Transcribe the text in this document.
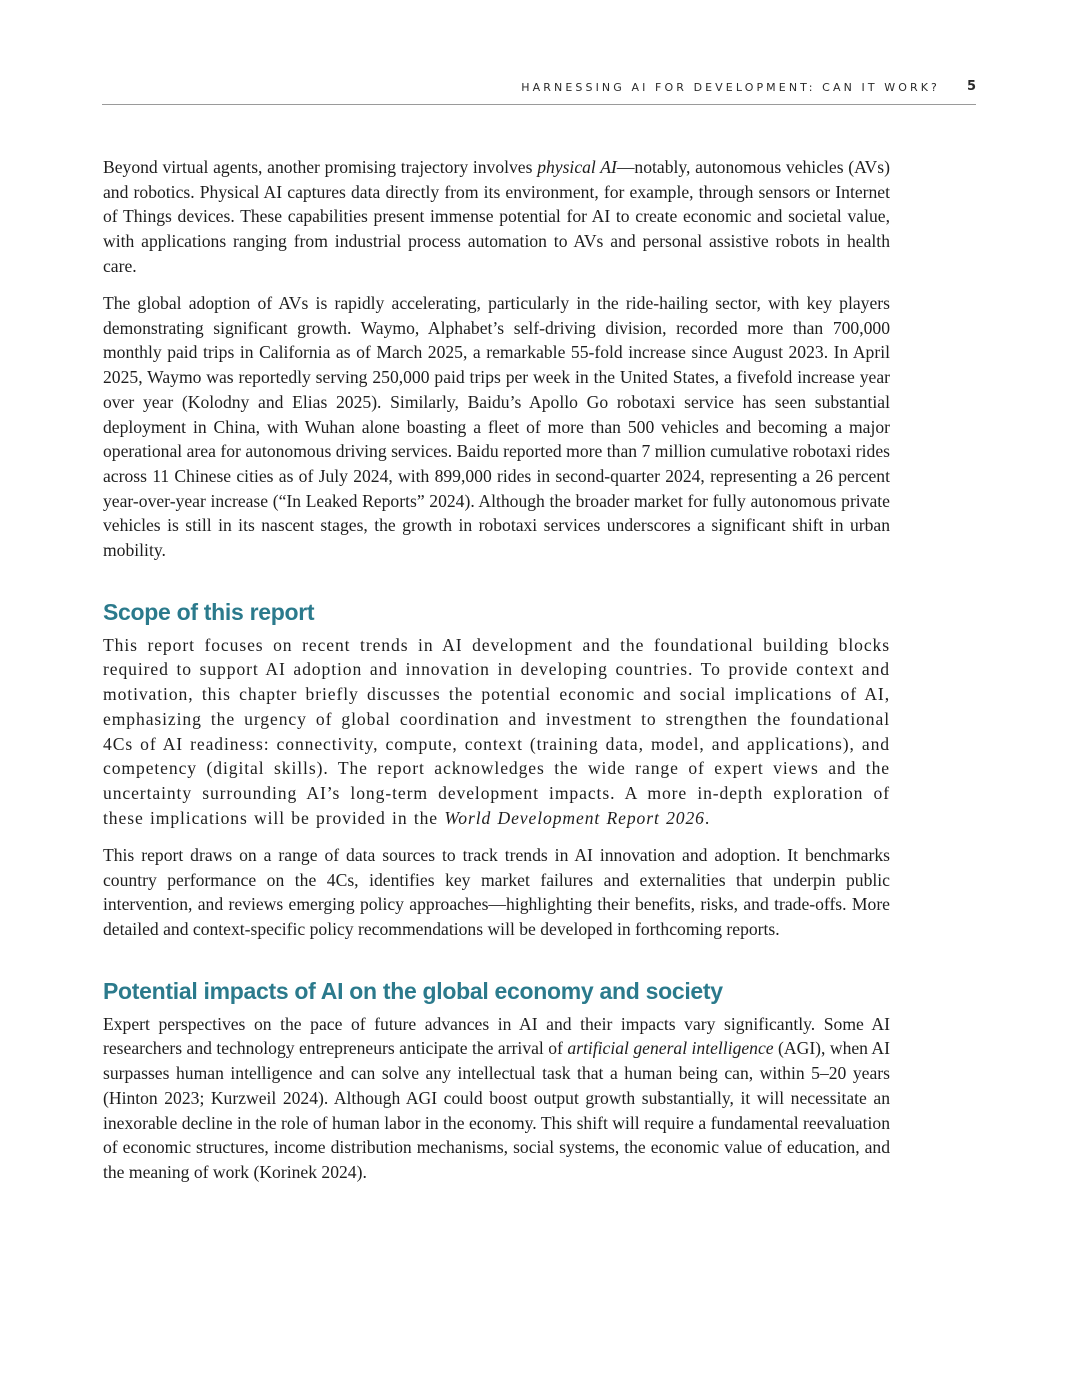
HARNESSING AI FOR DEVELOPMENT: CAN IT WORK? 5

Beyond virtual agents, another promising trajectory involves physical AI—notably, autonomous vehicles (AVs) and robotics. Physical AI captures data directly from its environment, for example, through sensors or Internet of Things devices. These capabilities present immense potential for AI to create economic and societal value, with applications ranging from industrial process automation to AVs and personal assistive robots in health care.

The global adoption of AVs is rapidly accelerating, particularly in the ride-hailing sector, with key players demonstrating significant growth. Waymo, Alphabet’s self-driving division, recorded more than 700,000 monthly paid trips in California as of March 2025, a remarkable 55-fold increase since August 2023. In April 2025, Waymo was reportedly serving 250,000 paid trips per week in the United States, a fivefold increase year over year (Kolodny and Elias 2025). Similarly, Baidu’s Apollo Go robotaxi service has seen substantial deployment in China, with Wuhan alone boasting a fleet of more than 500 vehicles and becoming a major operational area for autonomous driving services. Baidu reported more than 7 million cumulative robotaxi rides across 11 Chinese cities as of July 2024, with 899,000 rides in second-quarter 2024, representing a 26 percent year-over-year increase (“In Leaked Reports” 2024). Although the broader market for fully autonomous private vehicles is still in its nascent stages, the growth in robotaxi services underscores a significant shift in urban mobility.

Scope of this report

This report focuses on recent trends in AI development and the foundational building blocks required to support AI adoption and innovation in developing countries. To provide context and motivation, this chapter briefly discusses the potential economic and social implications of AI, emphasizing the urgency of global coordination and investment to strengthen the foundational 4Cs of AI readiness: connectivity, compute, context (training data, model, and applications), and competency (digital skills). The report acknowledges the wide range of expert views and the uncertainty surrounding AI’s long-term development impacts. A more in-depth exploration of these implications will be provided in the World Development Report 2026.

This report draws on a range of data sources to track trends in AI innovation and adoption. It benchmarks country performance on the 4Cs, identifies key market failures and externalities that underpin public intervention, and reviews emerging policy approaches—highlighting their benefits, risks, and trade-offs. More detailed and context-specific policy recommendations will be developed in forthcoming reports.

Potential impacts of AI on the global economy and society

Expert perspectives on the pace of future advances in AI and their impacts vary significantly. Some AI researchers and technology entrepreneurs anticipate the arrival of artificial general intelligence (AGI), when AI surpasses human intelligence and can solve any intellectual task that a human being can, within 5–20 years (Hinton 2023; Kurzweil 2024). Although AGI could boost output growth substantially, it will necessitate an inexorable decline in the role of human labor in the economy. This shift will require a fundamental reevaluation of economic structures, income distribution mechanisms, social systems, the economic value of education, and the meaning of work (Korinek 2024).
